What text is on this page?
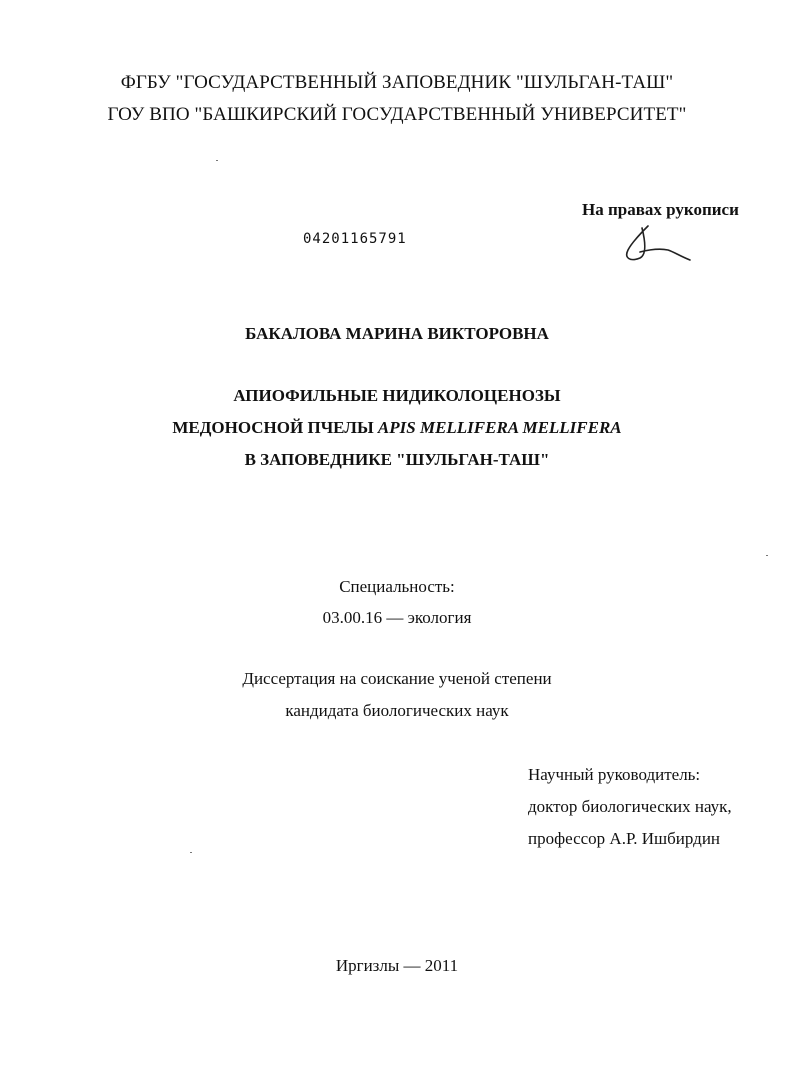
ФГБУ "ГОСУДАРСТВЕННЫЙ ЗАПОВЕДНИК "ШУЛЬГАН-ТАШ"
ГОУ ВПО "БАШКИРСКИЙ ГОСУДАРСТВЕННЫЙ УНИВЕРСИТЕТ"
На правах рукописи
04201165791
БАКАЛОВА МАРИНА ВИКТОРОВНА
АПИОФИЛЬНЫЕ НИДИКОЛОЦЕНОЗЫ
МЕДОНОСНОЙ ПЧЕЛЫ APIS MELLIFERA MELLIFERA
В ЗАПОВЕДНИКЕ "ШУЛЬГАН-ТАШ"
Специальность:
03.00.16 — экология
Диссертация на соискание ученой степени
кандидата биологических наук
Научный руководитель:
доктор биологических наук,
профессор А.Р. Ишбирдин
Иргизлы — 2011
